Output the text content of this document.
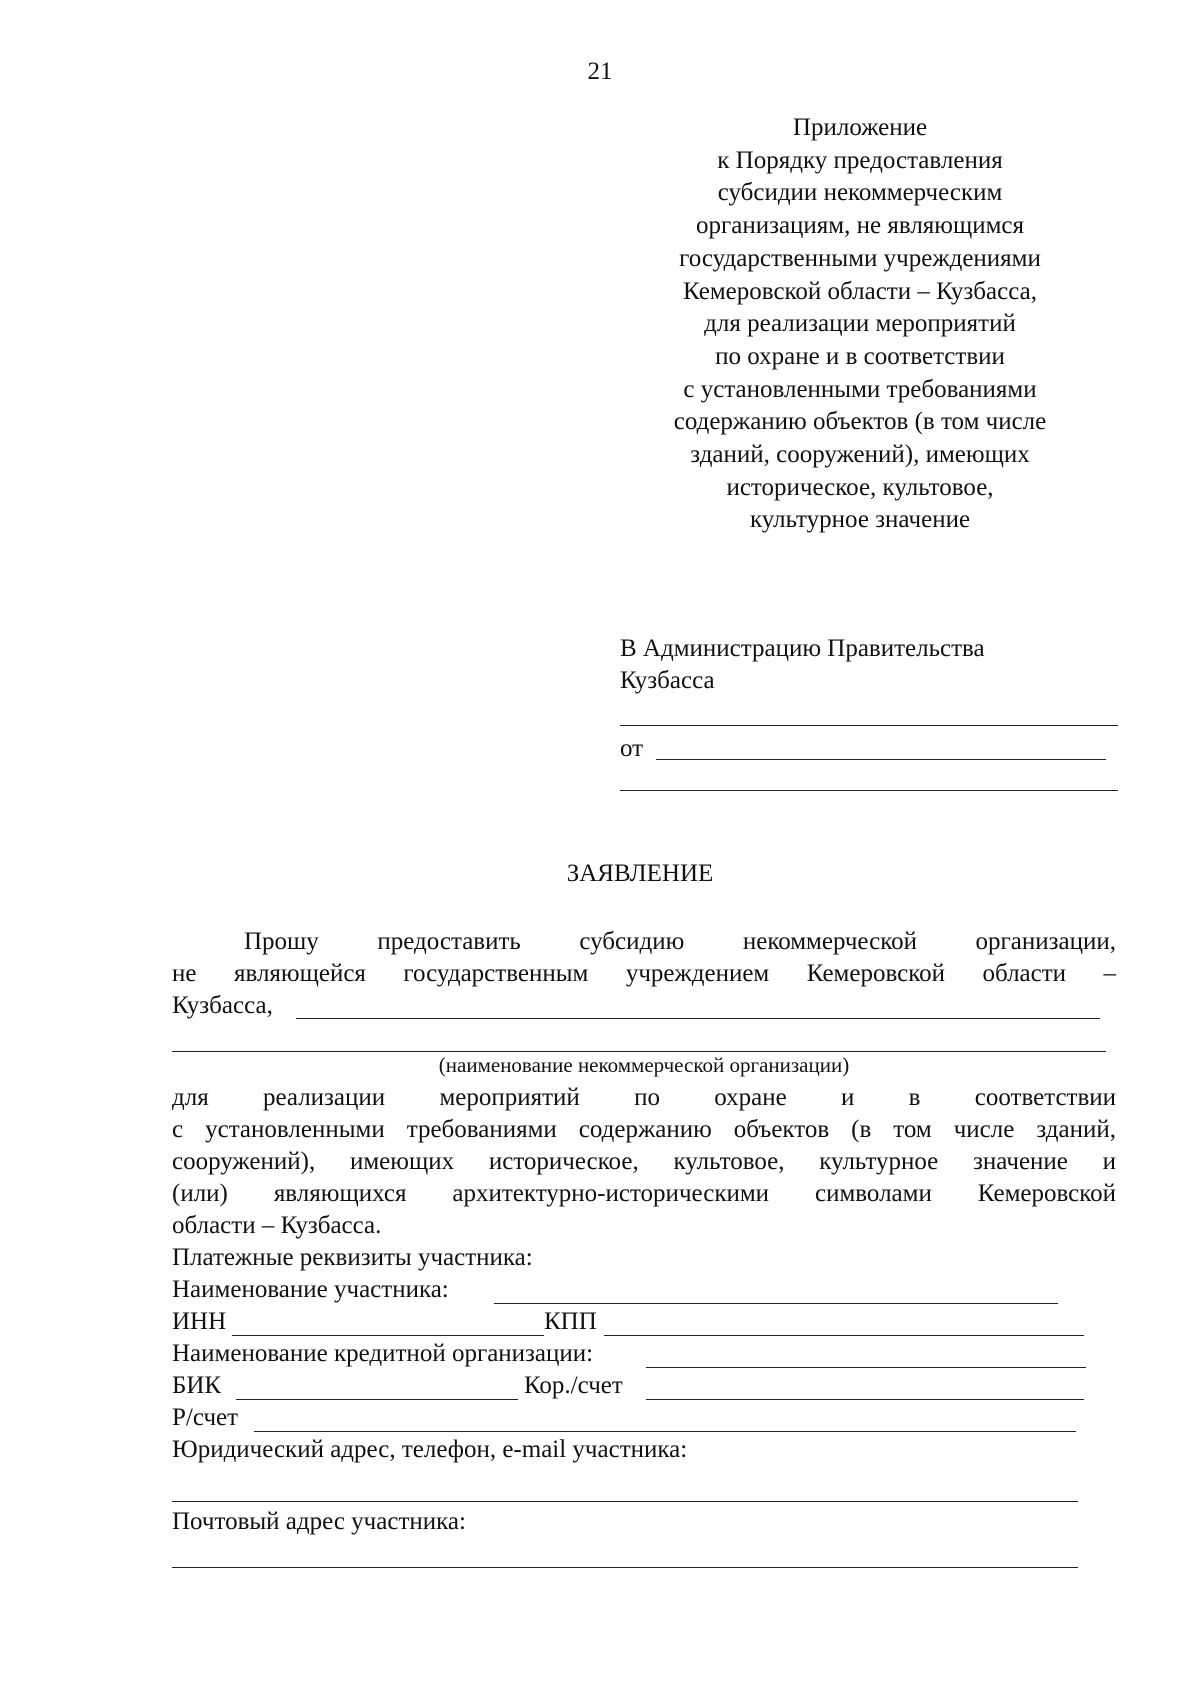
21
Приложение
к Порядку предоставления
субсидии некоммерческим
организациям, не являющимся
государственными учреждениями
Кемеровской области – Кузбасса,
для реализации мероприятий
по охране и в соответствии
с установленными требованиями
содержанию объектов (в том числе
зданий, сооружений), имеющих
историческое, культовое,
культурное значение
В Администрацию Правительства
Кузбасса
от
ЗАЯВЛЕНИЕ
Прошу предоставить субсидию некоммерческой организации,
не являющейся государственным учреждением Кемеровской области –
Кузбасса,
(наименование некоммерческой организации)
для реализации мероприятий по охране и в соответствии
с установленными требованиями содержанию объектов (в том числе зданий,
сооружений), имеющих историческое, культовое, культурное значение и
(или) являющихся архитектурно-историческими символами Кемеровской
области – Кузбасса.
Платежные реквизиты участника:
Наименование участника:
ИНН	КПП
Наименование кредитной организации:
БИК	Кор./счет
Р/счет
Юридический адрес, телефон, e-mail участника:
Почтовый адрес участника:
